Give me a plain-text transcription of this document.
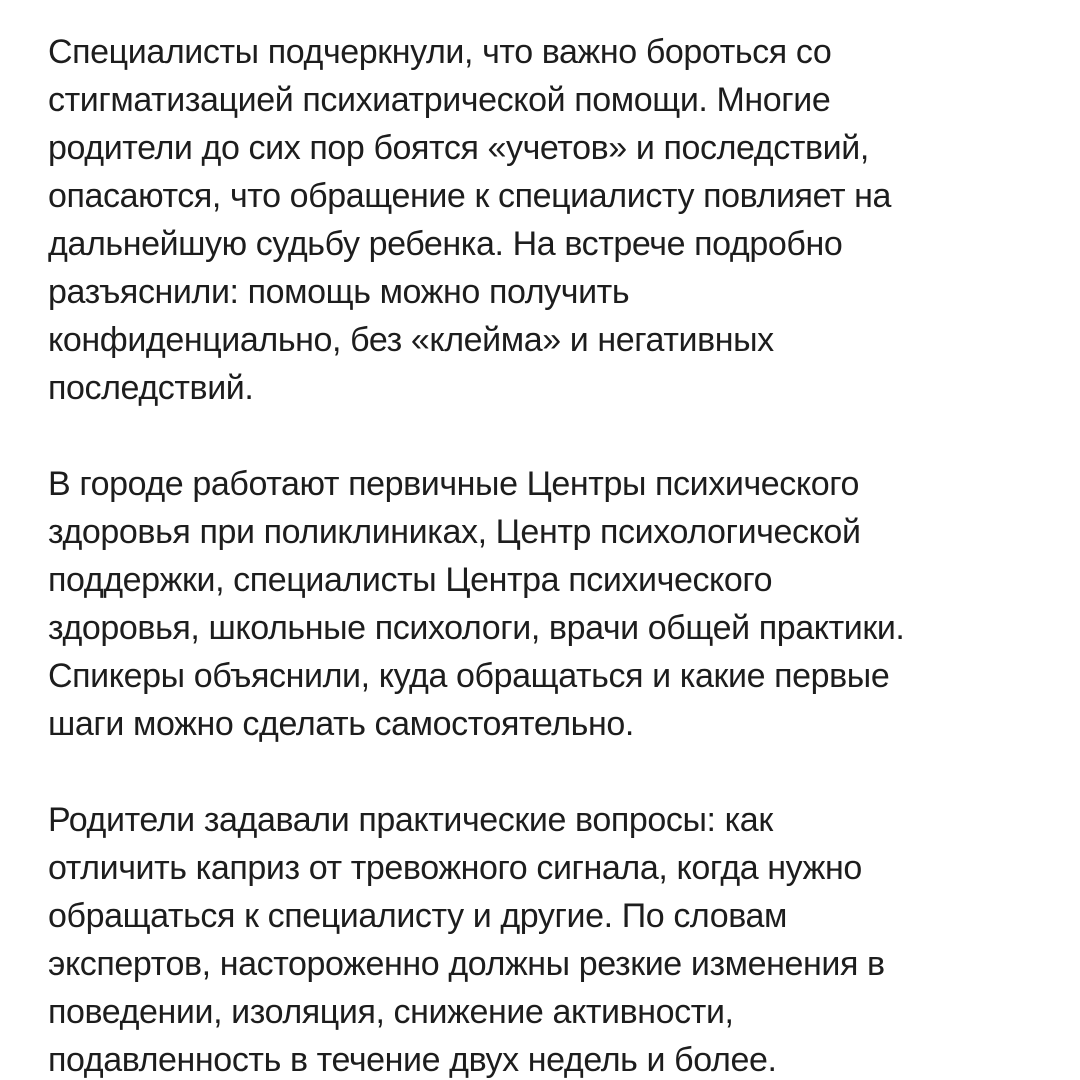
Специалисты подчеркнули, что важно бороться со
стигматизацией психиатрической помощи. Многие
родители до сих пор боятся «учетов» и последствий,
опасаются, что обращение к специалисту повлияет на
дальнейшую судьбу ребенка. На встрече подробно
разъяснили: помощь можно получить
конфиденциально, без «клейма» и негативных
последствий.

В городе работают первичные Центры психического
здоровья при поликлиниках, Центр психологической
поддержки, специалисты Центра психического
здоровья, школьные психологи, врачи общей практики.
Спикеры объяснили, куда обращаться и какие первые
шаги можно сделать самостоятельно.

Родители задавали практические вопросы: как
отличить каприз от тревожного сигнала, когда нужно
обращаться к специалисту и другие. По словам
экспертов, настороженно должны резкие изменения в
поведении, изоляция, снижение активности,
подавленность в течение двух недель и более.
